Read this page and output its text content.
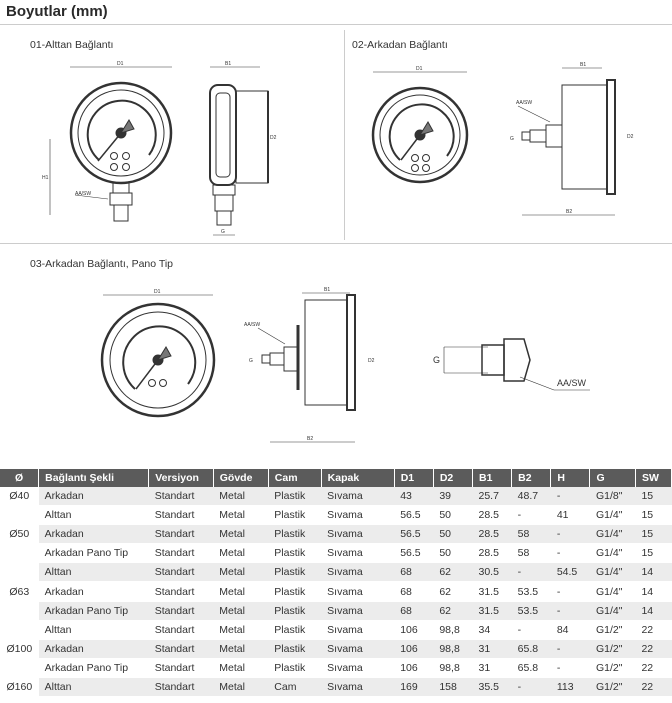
Boyutlar (mm)
01-Alttan Bağlantı	02-Arkadan Bağlantı
03-Arkadan Bağlantı, Pano Tip
D1
H1
AA/SW
B1
D2
G
D1
B1
AA/SW
D2
G
B2
D1	B1
AA/SW
D2
G
B2
G
AA/SW
Ø	Bağlantı Şekli	Versiyon	Gövde	Cam	Kapak	D1	D2	B1	B2	H	G	SW
Ø40	Arkadan	Standart	Metal	Plastik	Sıvama	43	39	25.7	48.7	-	G1/8"	15
Ø50	Alttan	Standart	Metal	Plastik	Sıvama	56.5	50	28.5	-	41	G1/4"	15
	Arkadan	Standart	Metal	Plastik	Sıvama	56.5	50	28.5	58	-	G1/4"	15
	Arkadan Pano Tip	Standart	Metal	Plastik	Sıvama	56.5	50	28.5	58	-	G1/4"	15
Ø63	Alttan	Standart	Metal	Plastik	Sıvama	68	62	30.5	-	54.5	G1/4"	14
	Arkadan	Standart	Metal	Plastik	Sıvama	68	62	31.5	53.5	-	G1/4"	14
	Arkadan Pano Tip	Standart	Metal	Plastik	Sıvama	68	62	31.5	53.5	-	G1/4"	14
Ø100	Alttan	Standart	Metal	Plastik	Sıvama	106	98,8	34	-	84	G1/2"	22
	Arkadan	Standart	Metal	Plastik	Sıvama	106	98,8	31	65.8	-	G1/2"	22
	Arkadan Pano Tip	Standart	Metal	Plastik	Sıvama	106	98,8	31	65.8	-	G1/2"	22
Ø160	Alttan	Standart	Metal	Cam	Sıvama	169	158	35.5	-	113	G1/2"	22
